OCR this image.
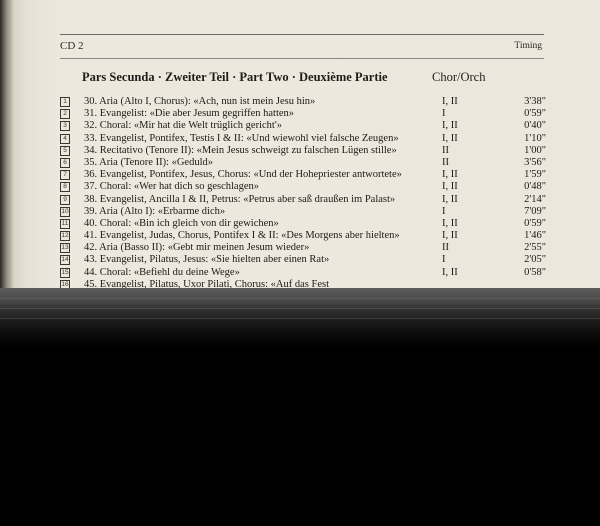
CD 2	Timing
Pars Secunda · Zweiter Teil · Part Two · Deuxième Partie	Chor/Orch
1	30. Aria (Alto I, Chorus): «Ach, nun ist mein Jesu hin»	I, II	3'38"
2	31. Evangelist: «Die aber Jesum gegriffen hatten»	I	0'59"
3	32. Choral: «Mir hat die Welt trüglich gericht'»	I, II	0'40"
4	33. Evangelist, Pontifex, Testis I & II: «Und wiewohl viel falsche Zeugen»	I, II	1'10"
5	34. Recitativo (Tenore II): «Mein Jesus schweigt zu falschen Lügen stille»	II	1'00"
6	35. Aria (Tenore II): «Geduld»	II	3'56"
7	36. Evangelist, Pontifex, Jesus, Chorus: «Und der Hohepriester antwortete»	I, II	1'59"
8	37. Choral: «Wer hat dich so geschlagen»	I, II	0'48"
9	38. Evangelist, Ancilla I & II, Petrus: «Petrus aber saß draußen im Palast»	I, II	2'14"
10 39. Aria (Alto I): «Erbarme dich»	I	7'09"
11 40. Choral: «Bin ich gleich von dir gewichen»	I, II	0'59"
12 41. Evangelist, Judas, Chorus, Pontifex I & II: «Des Morgens aber hielten»	I, II	1'46"
13 42. Aria (Basso II): «Gebt mir meinen Jesum wieder»	II	2'55"
14 43. Evangelist, Pilatus, Jesus: «Sie hielten aber einen Rat»	I	2'05"
15 44. Choral: «Befiehl du deine Wege»	I, II	0'58"
16 45. Evangelist, Pilatus, Uxor Pilati, Chorus: «Auf das Fest
